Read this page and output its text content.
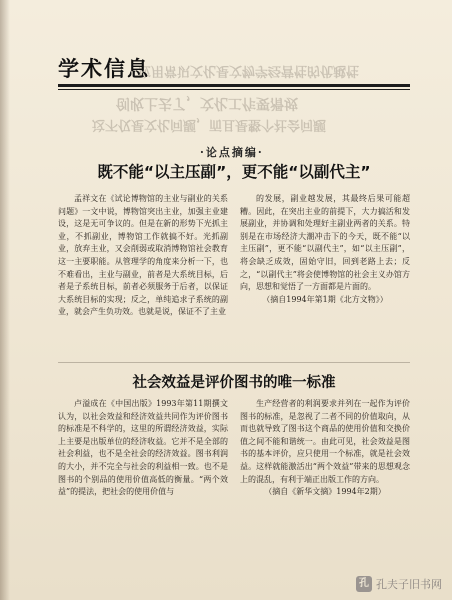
应用常识文化是文物学经营性的优越性
创收上去了，文化工作要滑坡
这不仅是文化问题，而且是整个社会问题
学术信息
·论点摘编·
既不能“以主压副”，更不能“以副代主”

孟祥文在《试论博物馆的主业与副业的关系问题》一文中说，博物馆突出主业，加强主业建设，这是无可争议的。但是在新的形势下光抓主业，不抓副业，博物馆工作就搞不好。光抓副业，放弃主业，又会削弱或取消博物馆社会教育这一主要职能。从管理学的角度来分析一下，也不难看出，主业与副业，前者是大系统目标，后者是子系统目标，前者必须服务于后者，以保证大系统目标的实现；反之，单纯追求子系统的副业，就会产生负功效。也就是说，保证不了主业

的发展，副业越发展，其最终后果可能超糟。因此，在突出主业的前提下，大力搞活和发展副业，并协调和处理好主副业两者的关系。特别是在市场经济大潮冲击下的今天，既不能“以主压副”，更不能“以副代主”，如“以主压副”，将会缺乏成效，固始守旧，回到老路上去；反之，“以副代主”将会使博物馆的社会主义办馆方向，思想和觉悟了一方面都是片面的。

（摘自1994年第1期《北方文物》）

社会效益是评价图书的唯一标准

卢溢成在《中国出版》1993年第11期撰文认为，以社会效益和经济效益共同作为评价图书的标准是不科学的，这里的所谓经济效益，实际上主要是出版单位的经济收益。它并不是全部的社会利益，也不是全社会的经济效益。图书利润的大小，并不完全与社会的利益相一致。也不是图书的个别品的使用价值高低的衡量。“两个效益”的提法，把社会的使用价值与

生产经营者的利润要求并列在一起作为评价图书的标准，是忽视了二者不同的价值取向，从而也就导致了图书这个商品的使用价值和交换价值之间不能和谐统一。由此可见，社会效益是图书的基本评价，应只使用一个标准，就是社会效益。这样就能激活出“两个效益”带来的思想观念上的混乱，有利于端正出版工作的方向。

（摘自《新华文摘》1994年2期）

孔 孔夫子旧书网
